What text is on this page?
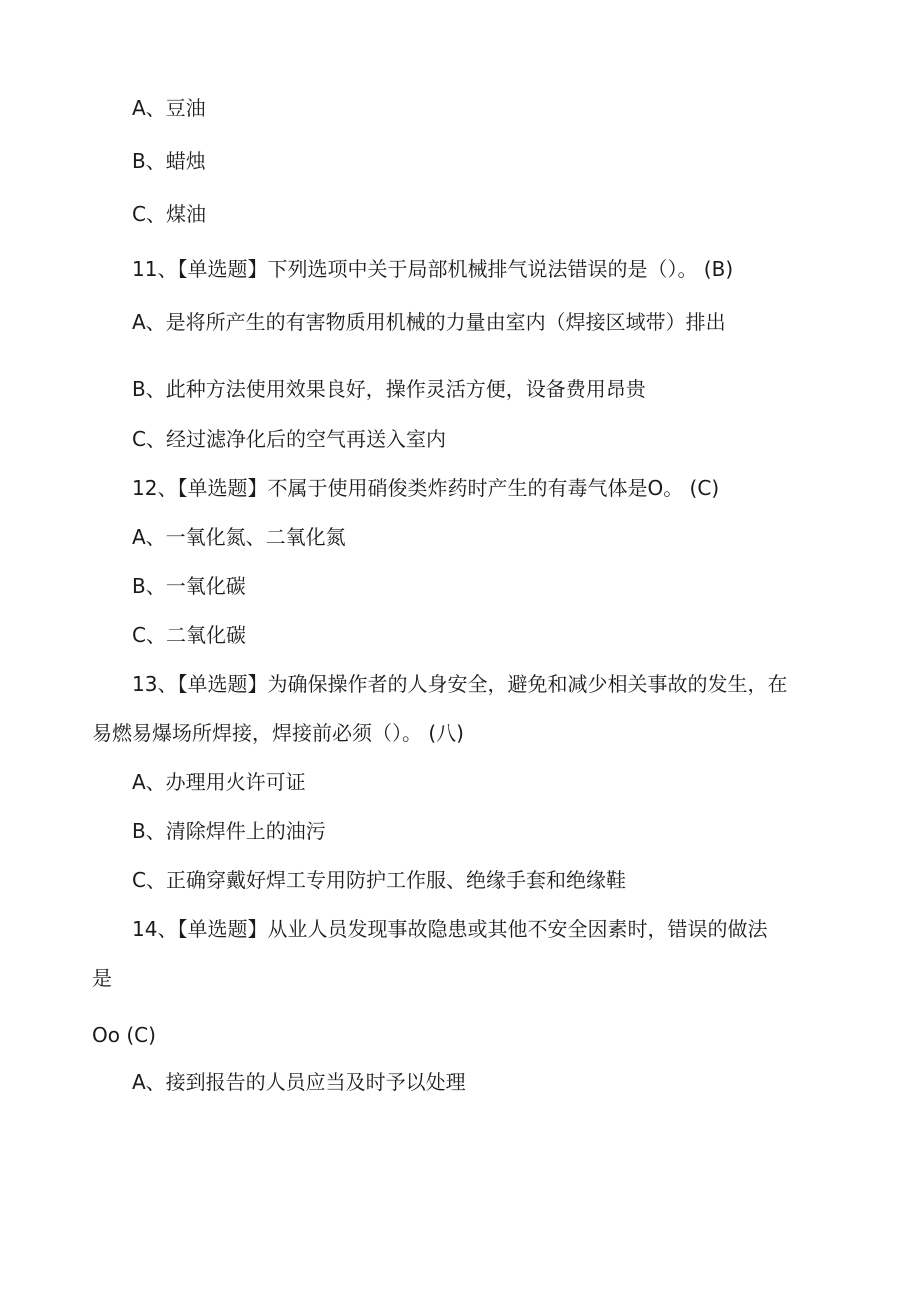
A、豆油
B、蜡烛
C、煤油
11、【单选题】下列选项中关于局部机械排气说法错误的是（）。 (B)
A、是将所产生的有害物质用机械的力量由室内（焊接区域带）排出
B、此种方法使用效果良好，操作灵活方便，设备费用昂贵
C、经过滤净化后的空气再送入室内
12、【单选题】不属于使用硝俊类炸药时产生的有毒气体是O。 (C)
A、一氧化氮、二氧化氮
B、一氧化碳
C、二氧化碳
13、【单选题】为确保操作者的人身安全，避免和减少相关事故的发生，在
易燃易爆场所焊接，焊接前必须（）。 (八)
A、办理用火许可证
B、清除焊件上的油污
C、正确穿戴好焊工专用防护工作服、绝缘手套和绝缘鞋
14、【单选题】从业人员发现事故隐患或其他不安全因素时，错误的做法
是
Oo (C)
A、接到报告的人员应当及时予以处理
